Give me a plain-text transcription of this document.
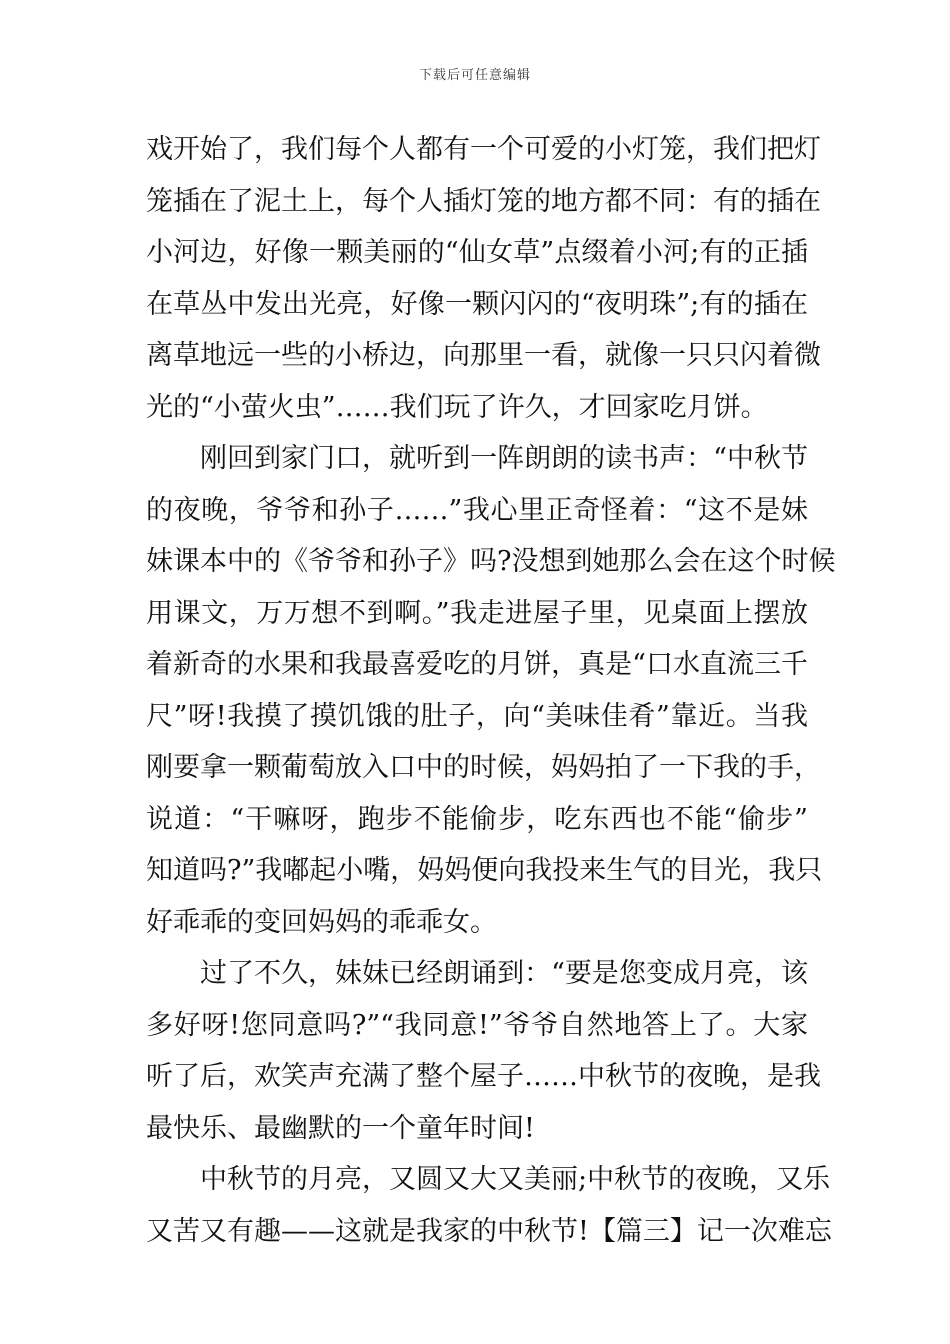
下载后可任意编辑
戏开始了，我们每个人都有一个可爱的小灯笼，我们把灯
笼插在了泥土上，每个人插灯笼的地方都不同：有的插在
小河边，好像一颗美丽的“仙女草”点缀着小河;有的正插
在草丛中发出光亮，好像一颗闪闪的“夜明珠”;有的插在
离草地远一些的小桥边，向那里一看，就像一只只闪着微
光的“小萤火虫”……我们玩了许久，才回家吃月饼。
刚回到家门口，就听到一阵朗朗的读书声：“中秋节
的夜晚，爷爷和孙子……”我心里正奇怪着：“这不是妹
妹课本中的《爷爷和孙子》吗?没想到她那么会在这个时候
用课文，万万想不到啊。”我走进屋子里，见桌面上摆放
着新奇的水果和我最喜爱吃的月饼，真是“口水直流三千
尺”呀!我摸了摸饥饿的肚子，向“美味佳肴”靠近。当我
刚要拿一颗葡萄放入口中的时候，妈妈拍了一下我的手，
说道：“干嘛呀，跑步不能偷步，吃东西也不能“偷步”
知道吗?”我嘟起小嘴，妈妈便向我投来生气的目光，我只
好乖乖的变回妈妈的乖乖女。
过了不久，妹妹已经朗诵到：“要是您变成月亮，该
多好呀!您同意吗?”“我同意!”爷爷自然地答上了。大家
听了后，欢笑声充满了整个屋子……中秋节的夜晚，是我
最快乐、最幽默的一个童年时间!
中秋节的月亮，又圆又大又美丽;中秋节的夜晚，又乐
又苦又有趣——这就是我家的中秋节!【篇三】记一次难忘
